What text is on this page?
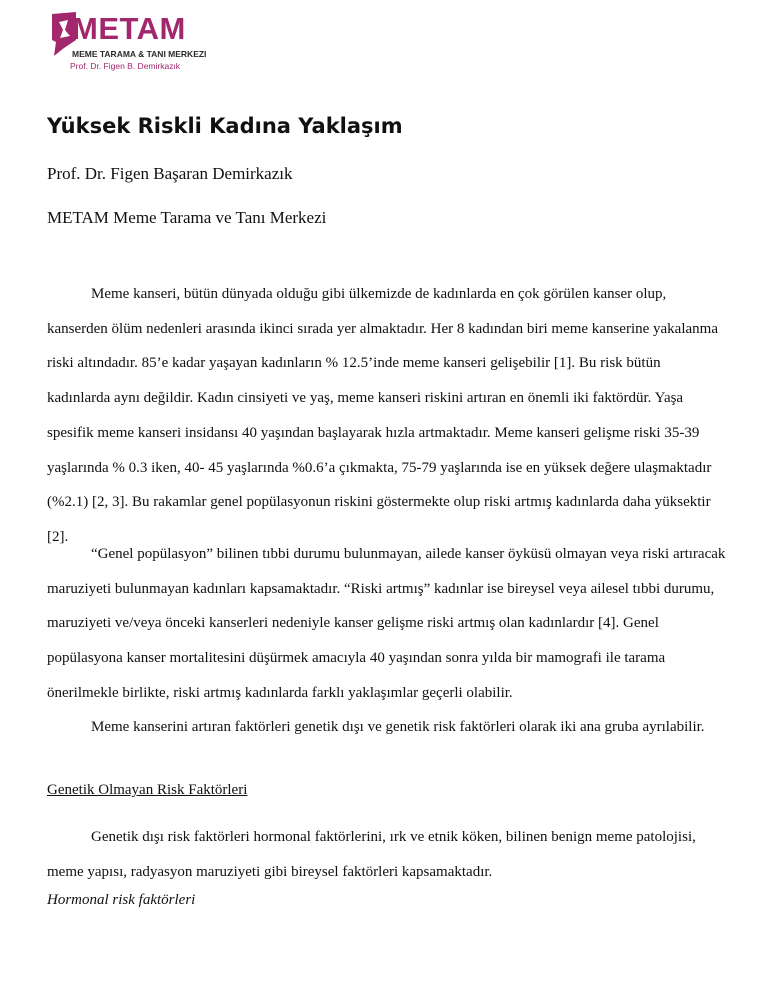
METAM
MEME TARAMA & TANI MERKEZI
Prof. Dr. Figen B. Demirkazık
Yüksek Riskli Kadına Yaklaşım
Prof. Dr. Figen Başaran Demirkazık
METAM Meme Tarama ve Tanı Merkezi

Meme kanseri, bütün dünyada olduğu gibi ülkemizde de kadınlarda en çok görülen kanser olup, kanserden ölüm nedenleri arasında ikinci sırada yer almaktadır. Her 8 kadından biri meme kanserine yakalanma riski altındadır. 85’e kadar yaşayan kadınların % 12.5’inde meme kanseri gelişebilir [1]. Bu risk bütün kadınlarda aynı değildir. Kadın cinsiyeti ve yaş, meme kanseri riskini artıran en önemli iki faktördür. Yaşa spesifik meme kanseri insidansı 40 yaşından başlayarak hızla artmaktadır. Meme kanseri gelişme riski 35-39 yaşlarında % 0.3 iken, 40- 45 yaşlarında %0.6’a çıkmakta, 75-79 yaşlarında ise en yüksek değere ulaşmaktadır (%2.1) [2, 3]. Bu rakamlar genel popülasyonun riskini göstermekte olup riski artmış kadınlarda daha yüksektir [2].

“Genel popülasyon” bilinen tıbbi durumu bulunmayan, ailede kanser öyküsü olmayan veya riski artıracak maruziyeti bulunmayan kadınları kapsamaktadır. “Riski artmış” kadınlar ise bireysel veya ailesel tıbbi durumu, maruziyeti ve/veya önceki kanserleri nedeniyle kanser gelişme riski artmış olan kadınlardır [4]. Genel popülasyona kanser mortalitesini düşürmek amacıyla 40 yaşından sonra yılda bir mamografi ile tarama önerilmekle birlikte, riski artmış kadınlarda farklı yaklaşımlar geçerli olabilir.

Meme kanserini artıran faktörleri genetik dışı ve genetik risk faktörleri olarak iki ana gruba ayrılabilir.

Genetik Olmayan Risk Faktörleri

Genetik dışı risk faktörleri hormonal faktörlerini, ırk ve etnik köken, bilinen benign meme patolojisi, meme yapısı, radyasyon maruziyeti gibi bireysel faktörleri kapsamaktadır.

Hormonal risk faktörleri
